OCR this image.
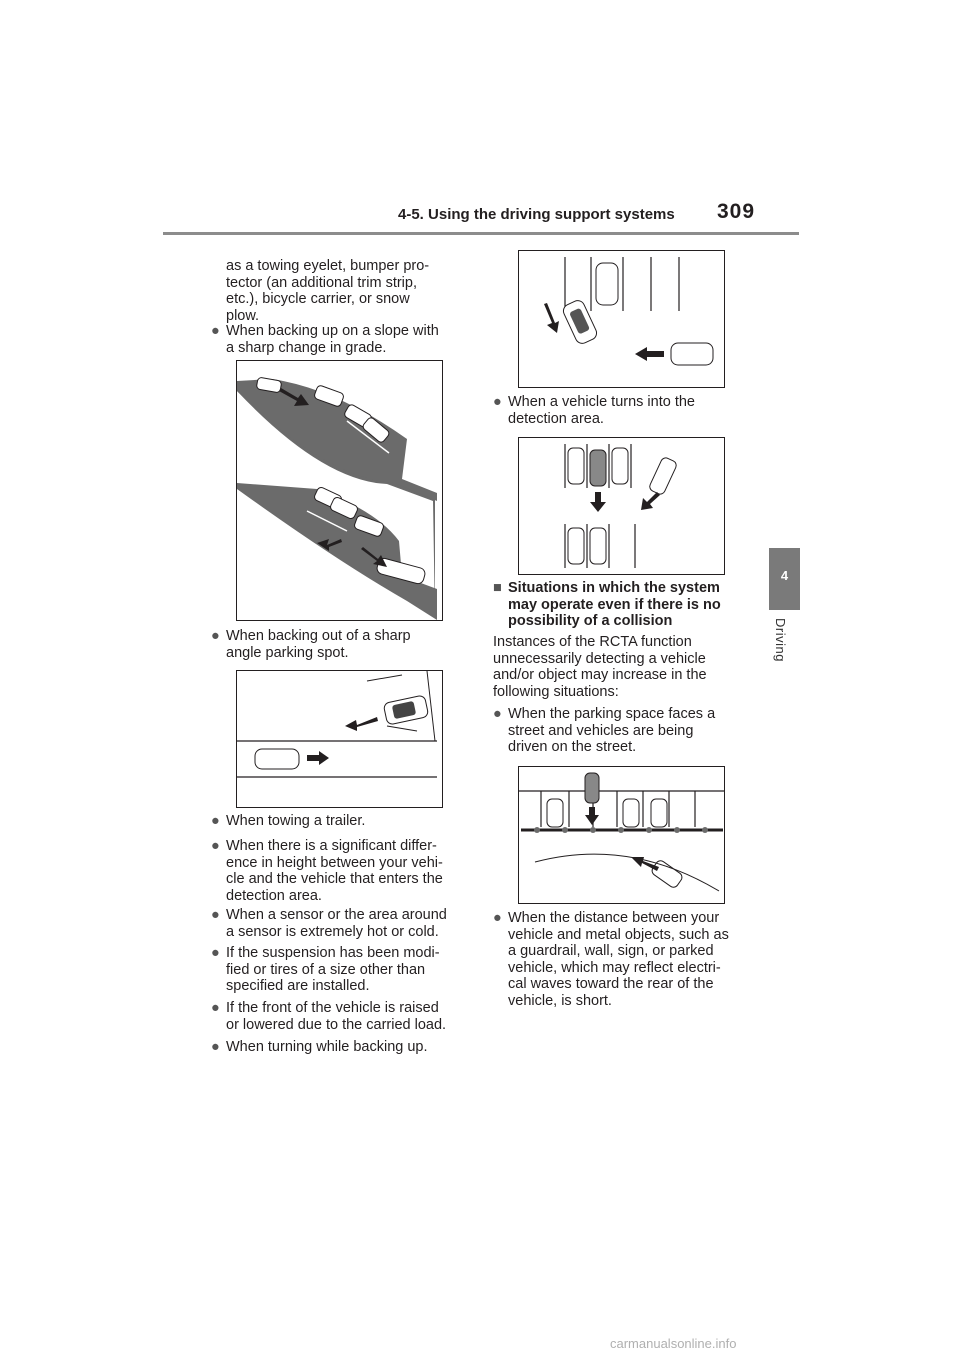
4-5. Using the driving support systems 309
4
Driving
as a towing eyelet, bumper pro-
tector (an additional trim strip,
etc.), bicycle carrier, or snow
plow.
● When backing up on a slope with
a sharp change in grade.
● When backing out of a sharp
angle parking spot.
● When towing a trailer.
● When there is a significant differ-
ence in height between your vehi-
cle and the vehicle that enters the
detection area.
● When a sensor or the area around
a sensor is extremely hot or cold.
● If the suspension has been modi-
fied or tires of a size other than
specified are installed.
● If the front of the vehicle is raised
or lowered due to the carried load.
● When turning while backing up.
● When a vehicle turns into the
detection area.
■ Situations in which the system
may operate even if there is no
possibility of a collision
Instances of the RCTA function
unnecessarily detecting a vehicle
and/or object may increase in the
following situations:
● When the parking space faces a
street and vehicles are being
driven on the street.
● When the distance between your
vehicle and metal objects, such as
a guardrail, wall, sign, or parked
vehicle, which may reflect electri-
cal waves toward the rear of the
vehicle, is short.
carmanualsonline.info
